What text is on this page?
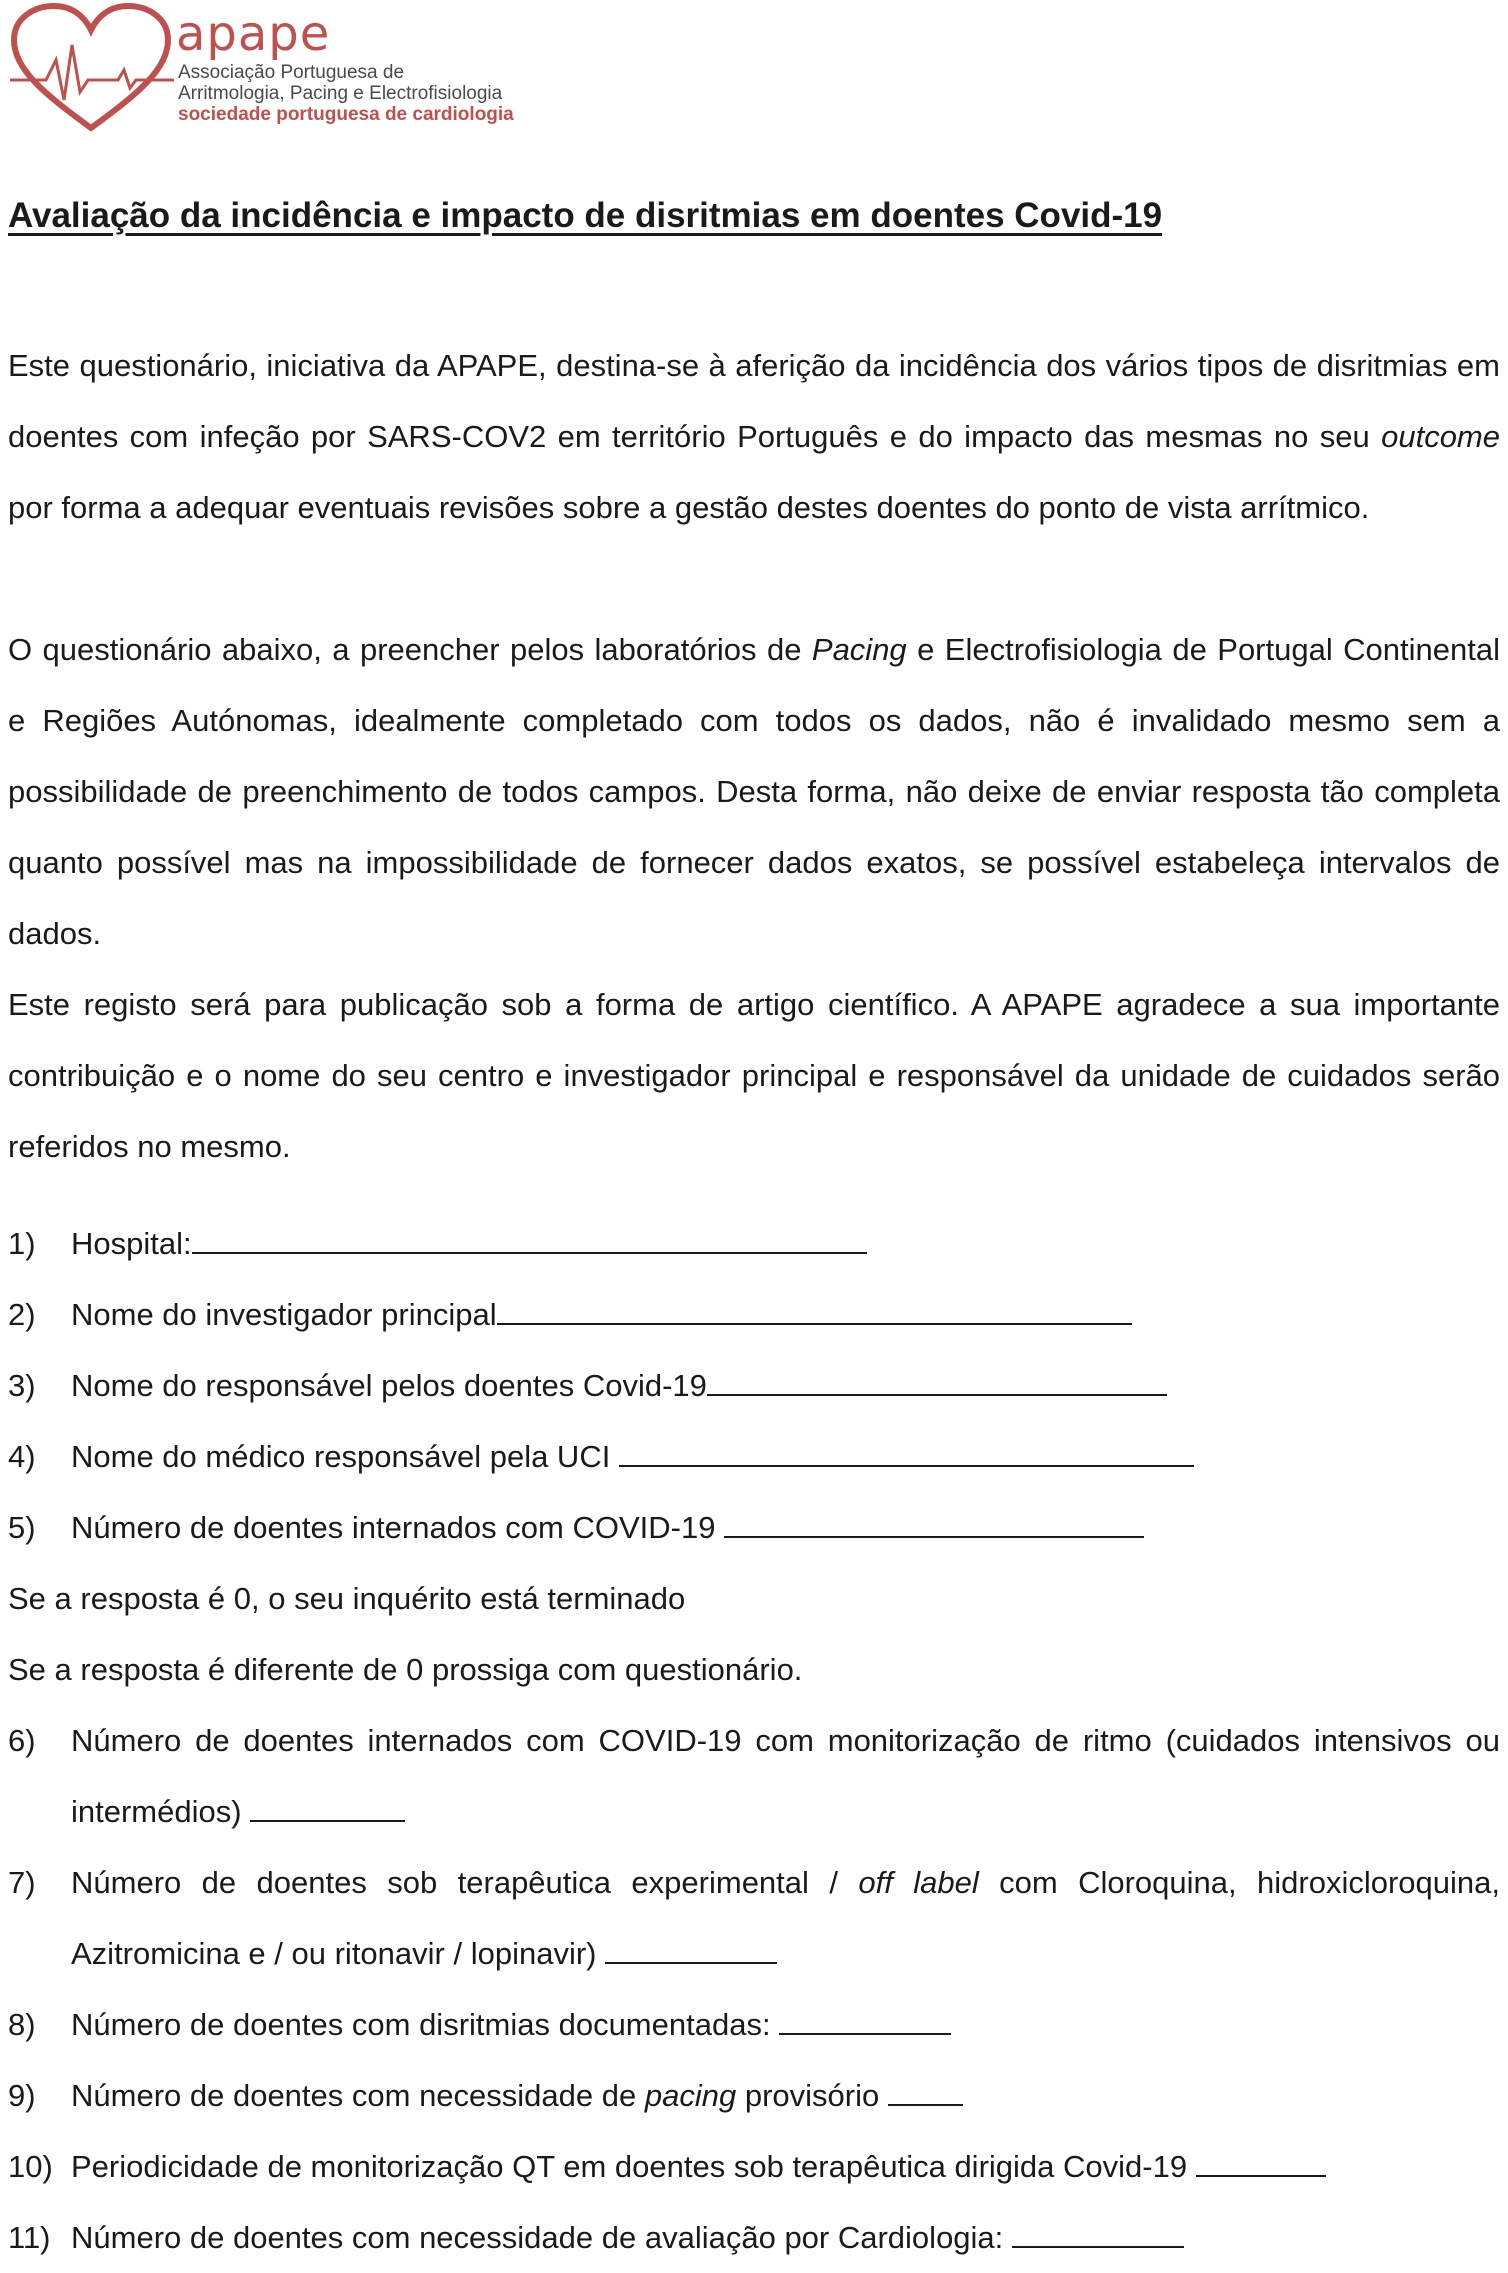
apape
Associação Portuguesa de
Arritmologia, Pacing e Electrofisiologia
sociedade portuguesa de cardiologia
Avaliação da incidência e impacto de disritmias em doentes Covid-19

Este questionário, iniciativa da APAPE, destina-se à aferição da incidência dos vários tipos de disritmias em doentes com infeção por SARS-COV2 em território Português e do impacto das mesmas no seu outcome por forma a adequar eventuais revisões sobre a gestão destes doentes do ponto de vista arrítmico.

O questionário abaixo, a preencher pelos laboratórios de Pacing e Electrofisiologia de Portugal Continental e Regiões Autónomas, idealmente completado com todos os dados, não é invalidado mesmo sem a possibilidade de preenchimento de todos campos. Desta forma, não deixe de enviar resposta tão completa quanto possível mas na impossibilidade de fornecer dados exatos, se possível estabeleça intervalos de dados.

Este registo será para publicação sob a forma de artigo científico. A APAPE agradece a sua importante contribuição e o nome do seu centro e investigador principal e responsável da unidade de cuidados serão referidos no mesmo.

1) Hospital:
2) Nome do investigador principal
3) Nome do responsável pelos doentes Covid-19
4) Nome do médico responsável pela UCI
5) Número de doentes internados com COVID-19
Se a resposta é 0, o seu inquérito está terminado
Se a resposta é diferente de 0 prossiga com questionário.
6) Número de doentes internados com COVID-19 com monitorização de ritmo (cuidados intensivos ou intermédios)
7) Número de doentes sob terapêutica experimental / off label com Cloroquina, hidroxicloroquina, Azitromicina e / ou ritonavir / lopinavir)
8) Número de doentes com disritmias documentadas:
9) Número de doentes com necessidade de pacing provisório
10) Periodicidade de monitorização QT em doentes sob terapêutica dirigida Covid-19
11) Número de doentes com necessidade de avaliação por Cardiologia:
